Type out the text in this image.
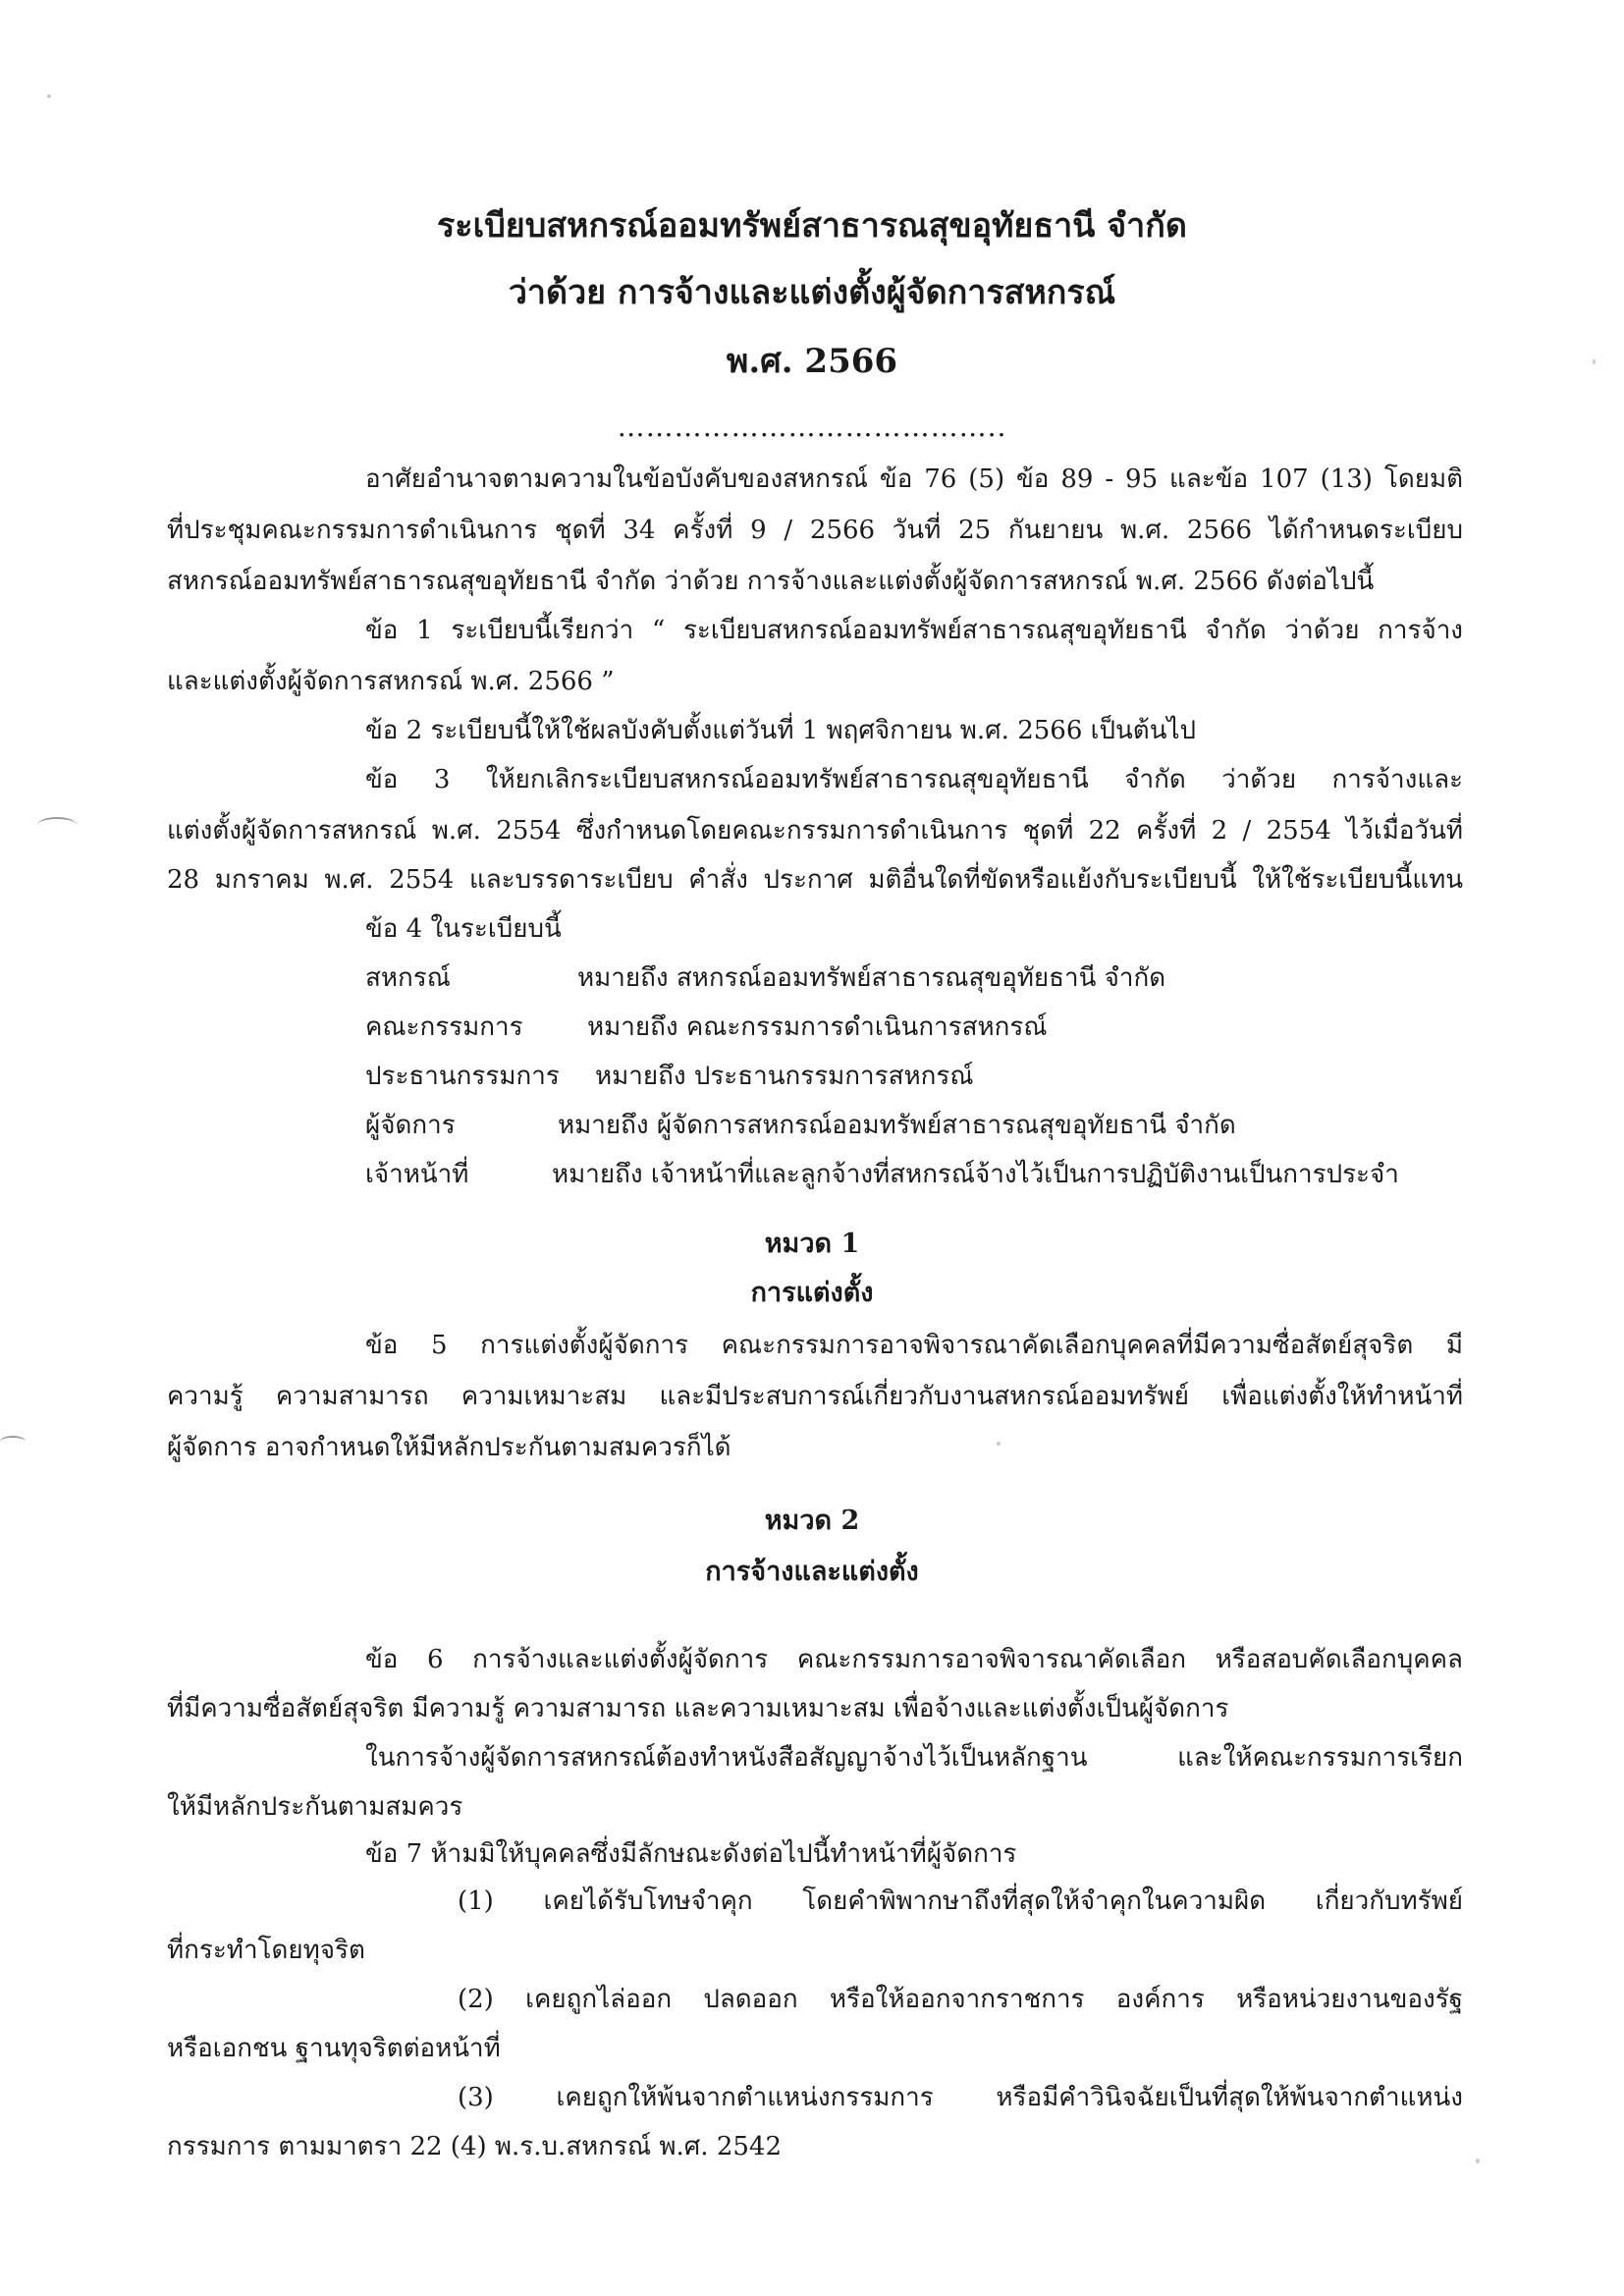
ระเบียบสหกรณ์ออมทรัพย์สาธารณสุขอุทัยธานี จำกัด
ว่าด้วย การจ้างและแต่งตั้งผู้จัดการสหกรณ์
พ.ศ. 2566
…………………………………..
อาศัยอำนาจตามความในข้อบังคับของสหกรณ์ ข้อ 76 (5) ข้อ 89 - 95 และข้อ 107 (13) โดยมติ
ที่ประชุมคณะกรรมการดำเนินการ ชุดที่ 34 ครั้งที่ 9 / 2566 วันที่ 25 กันยายน พ.ศ. 2566 ได้กำหนดระเบียบ
สหกรณ์ออมทรัพย์สาธารณสุขอุทัยธานี จำกัด ว่าด้วย การจ้างและแต่งตั้งผู้จัดการสหกรณ์ พ.ศ. 2566 ดังต่อไปนี้
ข้อ 1 ระเบียบนี้เรียกว่า “ ระเบียบสหกรณ์ออมทรัพย์สาธารณสุขอุทัยธานี จำกัด ว่าด้วย การจ้าง
และแต่งตั้งผู้จัดการสหกรณ์ พ.ศ. 2566 ”
ข้อ 2 ระเบียบนี้ให้ใช้ผลบังคับตั้งแต่วันที่ 1 พฤศจิกายน พ.ศ. 2566 เป็นต้นไป
ข้อ 3 ให้ยกเลิกระเบียบสหกรณ์ออมทรัพย์สาธารณสุขอุทัยธานี จำกัด ว่าด้วย การจ้างและ
แต่งตั้งผู้จัดการสหกรณ์ พ.ศ. 2554 ซึ่งกำหนดโดยคณะกรรมการดำเนินการ ชุดที่ 22 ครั้งที่ 2 / 2554 ไว้เมื่อวันที่
28 มกราคม พ.ศ. 2554 และบรรดาระเบียบ คำสั่ง ประกาศ มติอื่นใดที่ขัดหรือแย้งกับระเบียบนี้ ให้ใช้ระเบียบนี้แทน
ข้อ 4 ในระเบียบนี้
สหกรณ์	หมายถึง สหกรณ์ออมทรัพย์สาธารณสุขอุทัยธานี จำกัด
คณะกรรมการ	หมายถึง คณะกรรมการดำเนินการสหกรณ์
ประธานกรรมการ หมายถึง ประธานกรรมการสหกรณ์
ผู้จัดการ	หมายถึง ผู้จัดการสหกรณ์ออมทรัพย์สาธารณสุขอุทัยธานี จำกัด
เจ้าหน้าที่	หมายถึง เจ้าหน้าที่และลูกจ้างที่สหกรณ์จ้างไว้เป็นการปฏิบัติงานเป็นการประจำ
หมวด 1
การแต่งตั้ง
ข้อ 5 การแต่งตั้งผู้จัดการ คณะกรรมการอาจพิจารณาคัดเลือกบุคคลที่มีความซื่อสัตย์สุจริต มี
ความรู้ ความสามารถ ความเหมาะสม และมีประสบการณ์เกี่ยวกับงานสหกรณ์ออมทรัพย์ เพื่อแต่งตั้งให้ทำหน้าที่
ผู้จัดการ อาจกำหนดให้มีหลักประกันตามสมควรก็ได้
หมวด 2
การจ้างและแต่งตั้ง
ข้อ 6 การจ้างและแต่งตั้งผู้จัดการ คณะกรรมการอาจพิจารณาคัดเลือก หรือสอบคัดเลือกบุคคล
ที่มีความซื่อสัตย์สุจริต มีความรู้ ความสามารถ และความเหมาะสม เพื่อจ้างและแต่งตั้งเป็นผู้จัดการ
ในการจ้างผู้จัดการสหกรณ์ต้องทำหนังสือสัญญาจ้างไว้เป็นหลักฐาน และให้คณะกรรมการเรียก
ให้มีหลักประกันตามสมควร
ข้อ 7 ห้ามมิให้บุคคลซึ่งมีลักษณะดังต่อไปนี้ทำหน้าที่ผู้จัดการ
(1) เคยได้รับโทษจำคุก โดยคำพิพากษาถึงที่สุดให้จำคุกในความผิด เกี่ยวกับทรัพย์
ที่กระทำโดยทุจริต
(2) เคยถูกไล่ออก ปลดออก หรือให้ออกจากราชการ องค์การ หรือหน่วยงานของรัฐ
หรือเอกชน ฐานทุจริตต่อหน้าที่
(3) เคยถูกให้พ้นจากตำแหน่งกรรมการ หรือมีคำวินิจฉัยเป็นที่สุดให้พ้นจากตำแหน่ง
กรรมการ ตามมาตรา 22 (4) พ.ร.บ.สหกรณ์ พ.ศ. 2542
